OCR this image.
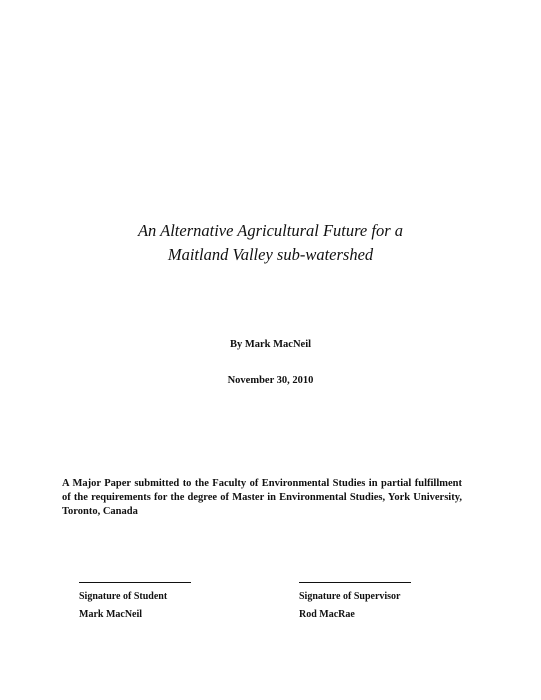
An Alternative Agricultural Future for a
Maitland Valley sub-watershed
By Mark MacNeil
November 30, 2010
A Major Paper submitted to the Faculty of Environmental Studies in partial fulfillment of the requirements for the degree of Master in Environmental Studies, York University, Toronto, Canada
Signature of Student
Mark MacNeil
Signature of Supervisor
Rod MacRae
